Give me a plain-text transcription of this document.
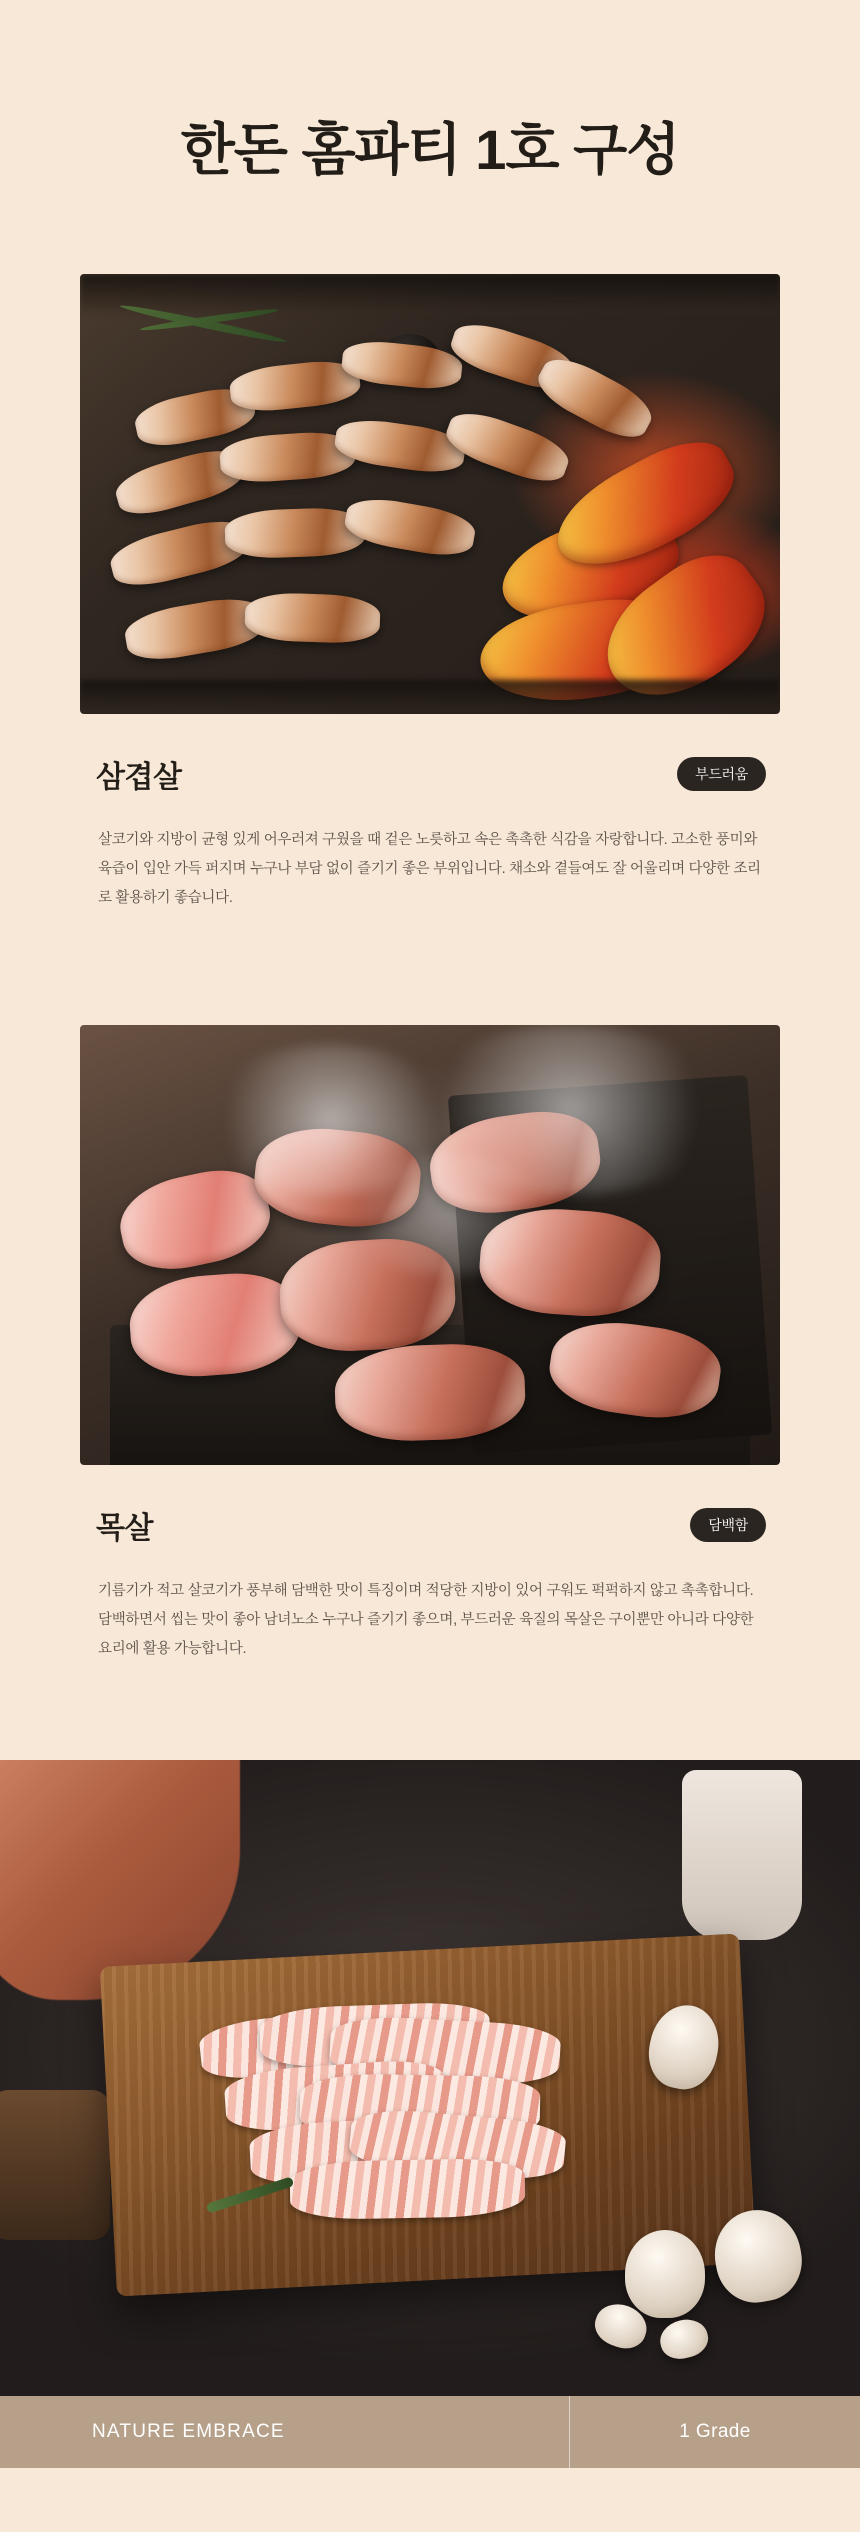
한돈 홈파티 1호 구성
삼겹살	부드러움

살코기와 지방이 균형 있게 어우러져 구웠을 때 겉은 노릇하고 속은 촉촉한 식감을 자랑합니다. 고소한 풍미와 육즙이 입안 가득 퍼지며 누구나 부담 없이 즐기기 좋은 부위입니다. 채소와 곁들여도 잘 어울리며 다양한 조리로 활용하기 좋습니다.

목살	담백함

기름기가 적고 살코기가 풍부해 담백한 맛이 특징이며 적당한 지방이 있어 구워도 퍽퍽하지 않고 촉촉합니다. 담백하면서 씹는 맛이 좋아 남녀노소 누구나 즐기기 좋으며, 부드러운 육질의 목살은 구이뿐만 아니라 다양한 요리에 활용 가능합니다.

NATURE EMBRACE	1 Grade
